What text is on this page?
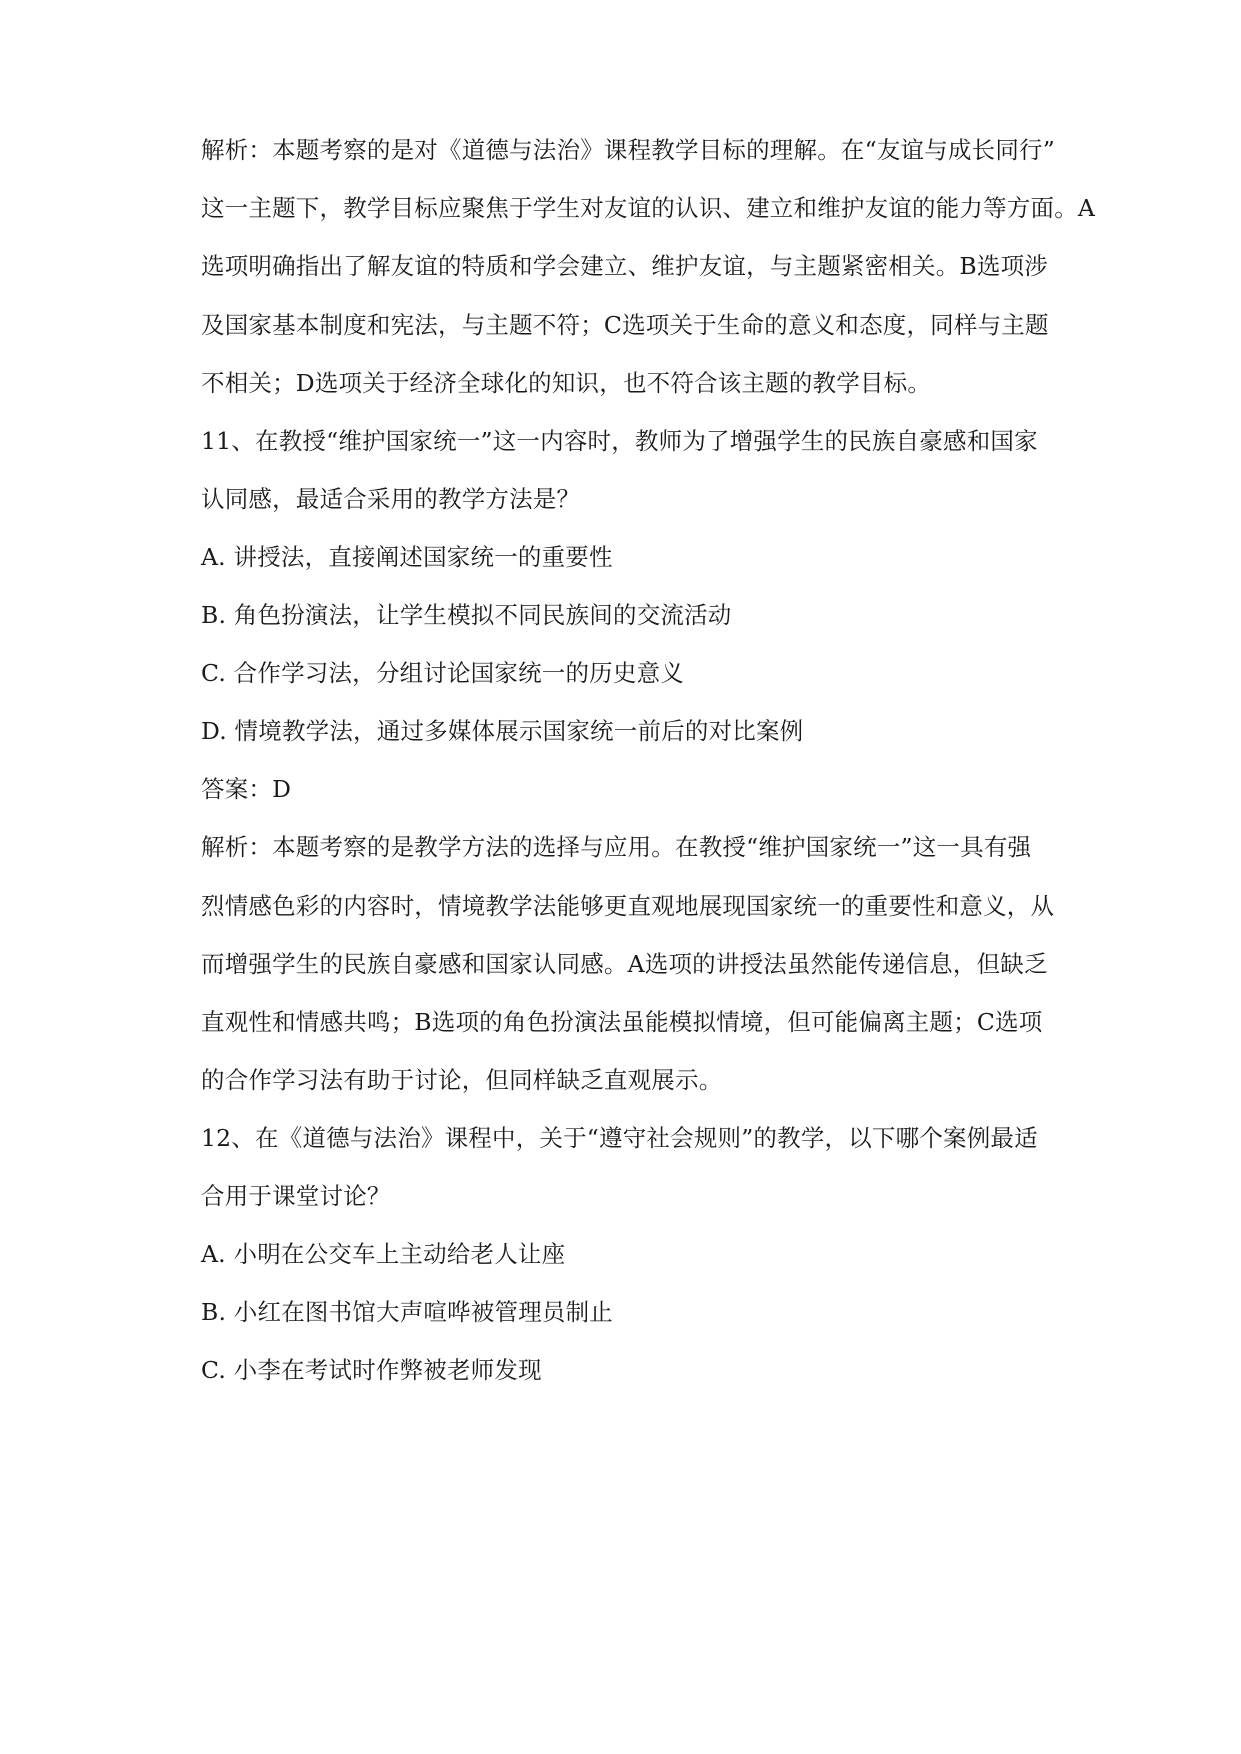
解析：本题考察的是对《道德与法治》课程教学目标的理解。在“友谊与成长同行”
这一主题下，教学目标应聚焦于学生对友谊的认识、建立和维护友谊的能力等方面。A
选项明确指出了解友谊的特质和学会建立、维护友谊，与主题紧密相关。B选项涉
及国家基本制度和宪法，与主题不符；C选项关于生命的意义和态度，同样与主题
不相关；D选项关于经济全球化的知识，也不符合该主题的教学目标。
11、在教授“维护国家统一”这一内容时，教师为了增强学生的民族自豪感和国家
认同感，最适合采用的教学方法是？
A. 讲授法，直接阐述国家统一的重要性
B. 角色扮演法，让学生模拟不同民族间的交流活动
C. 合作学习法，分组讨论国家统一的历史意义
D. 情境教学法，通过多媒体展示国家统一前后的对比案例
答案：D
解析：本题考察的是教学方法的选择与应用。在教授“维护国家统一”这一具有强
烈情感色彩的内容时，情境教学法能够更直观地展现国家统一的重要性和意义，从
而增强学生的民族自豪感和国家认同感。A选项的讲授法虽然能传递信息，但缺乏
直观性和情感共鸣；B选项的角色扮演法虽能模拟情境，但可能偏离主题；C选项
的合作学习法有助于讨论，但同样缺乏直观展示。
12、在《道德与法治》课程中，关于“遵守社会规则”的教学，以下哪个案例最适
合用于课堂讨论？
A. 小明在公交车上主动给老人让座
B. 小红在图书馆大声喧哗被管理员制止
C. 小李在考试时作弊被老师发现
